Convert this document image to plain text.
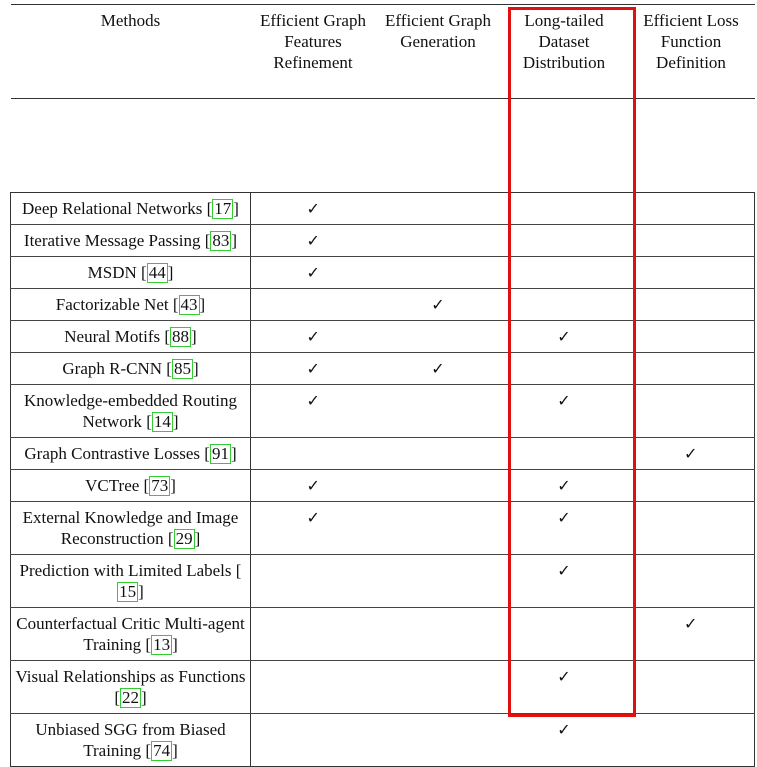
Methods	Efficient Graph Features Refinement	Efficient Graph Generation	Long-tailed Dataset Distribution	Efficient Loss Function Definition

Deep Relational Networks [ 17 ]	✓			
Iterative Message Passing [ 83 ]	✓			
MSDN [ 44 ]	✓			
Factorizable Net [ 43 ]		✓		
Neural Motifs [ 88 ]	✓		✓	
Graph R-CNN [ 85 ]	✓	✓		
Knowledge-embedded Routing Network [ 14 ]	✓		✓	
Graph Contrastive Losses [ 91 ]				✓
VCTree [ 73 ]	✓		✓	
External Knowledge and Image Reconstruction [ 29 ]	✓		✓	
Prediction with Limited Labels [15 ]			✓	
Counterfactual Critic Multi-agent Training [ 13 ]				✓
Visual Relationships as Functions [ 22 ]			✓	
Unbiased SGG from Biased Training [ 74 ]			✓	
